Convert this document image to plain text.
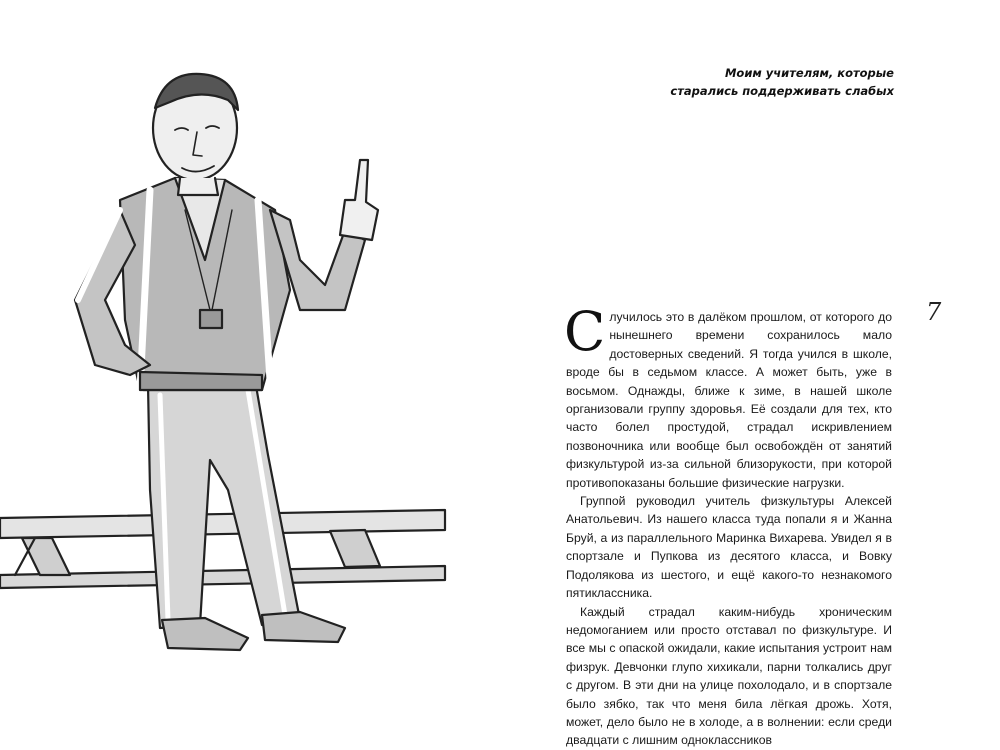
Моим учителям, которые
старались поддерживать слабых
7

Случилось это в далёком прошлом, от которого до нынешнего времени сохранилось мало достоверных сведений. Я тогда учился в школе, вроде бы в седьмом классе. А может быть, уже в восьмом. Однажды, ближе к зиме, в нашей школе организовали группу здоровья. Её создали для тех, кто часто болел простудой, страдал искривлением позвоночника или вообще был освобождён от занятий физкультурой из-за сильной близорукости, при которой противопоказаны большие физические нагрузки.

Группой руководил учитель физкультуры Алексей Анатольевич. Из нашего класса туда попали я и Жанна Бруй, а из параллельного Маринка Вихарева. Увидел я в спортзале и Пупкова из десятого класса, и Вовку Подолякова из шестого, и ещё какого-то незнакомого пятиклассника.

Каждый страдал каким-нибудь хроническим недомоганием или просто отставал по физкультуре. И все мы с опаской ожидали, какие испытания устроит нам физрук. Девчонки глупо хихикали, парни толкались друг с другом. В эти дни на улице похолодало, и в спортзале было зябко, так что меня била лёгкая дрожь. Хотя, может, дело было не в холоде, а в волнении: если среди двадцати с лишним одноклассников
